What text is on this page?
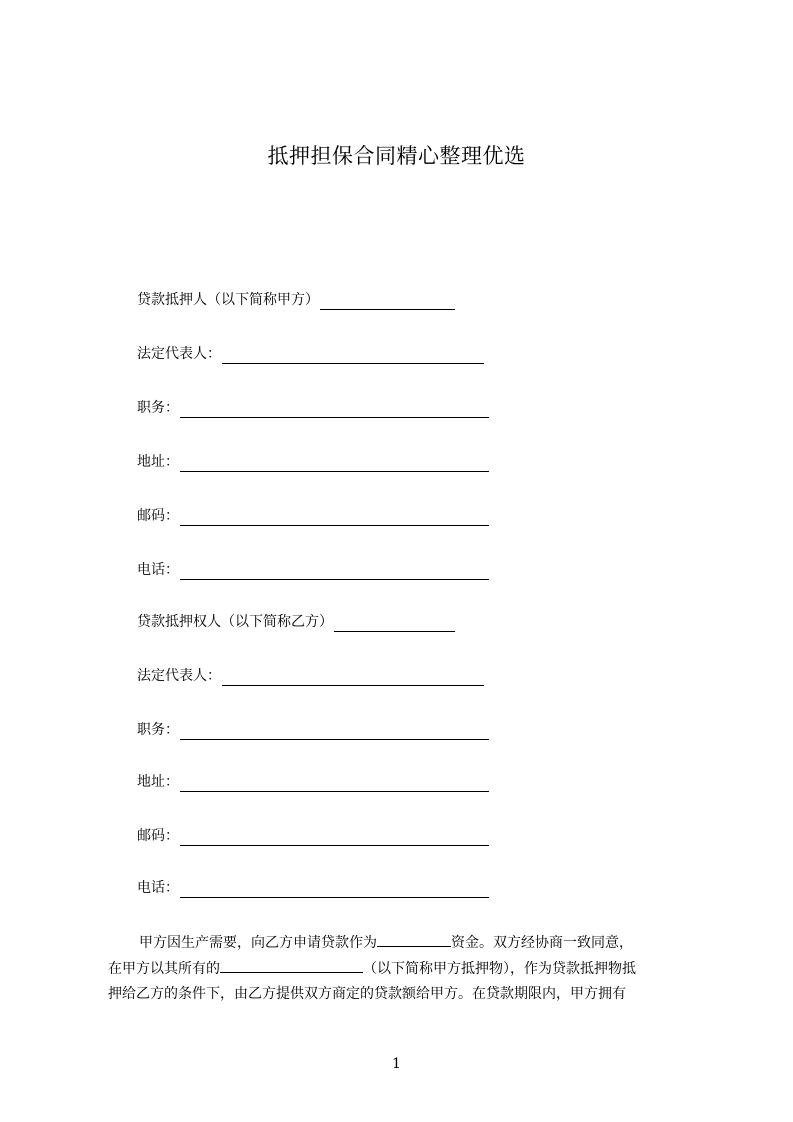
抵押担保合同精心整理优选
贷款抵押人（以下简称甲方）
法定代表人：
职务：
地址：
邮码：
电话：
贷款抵押权人（以下简称乙方）
法定代表人：
职务：
地址：
邮码：
电话：
甲方因生产需要，向乙方申请贷款作为	资金。双方经协商一致同意，
在甲方以其所有的	（以下简称甲方抵押物），作为贷款抵押物抵
押给乙方的条件下，由乙方提供双方商定的贷款额给甲方。在贷款期限内，甲方拥有
1
